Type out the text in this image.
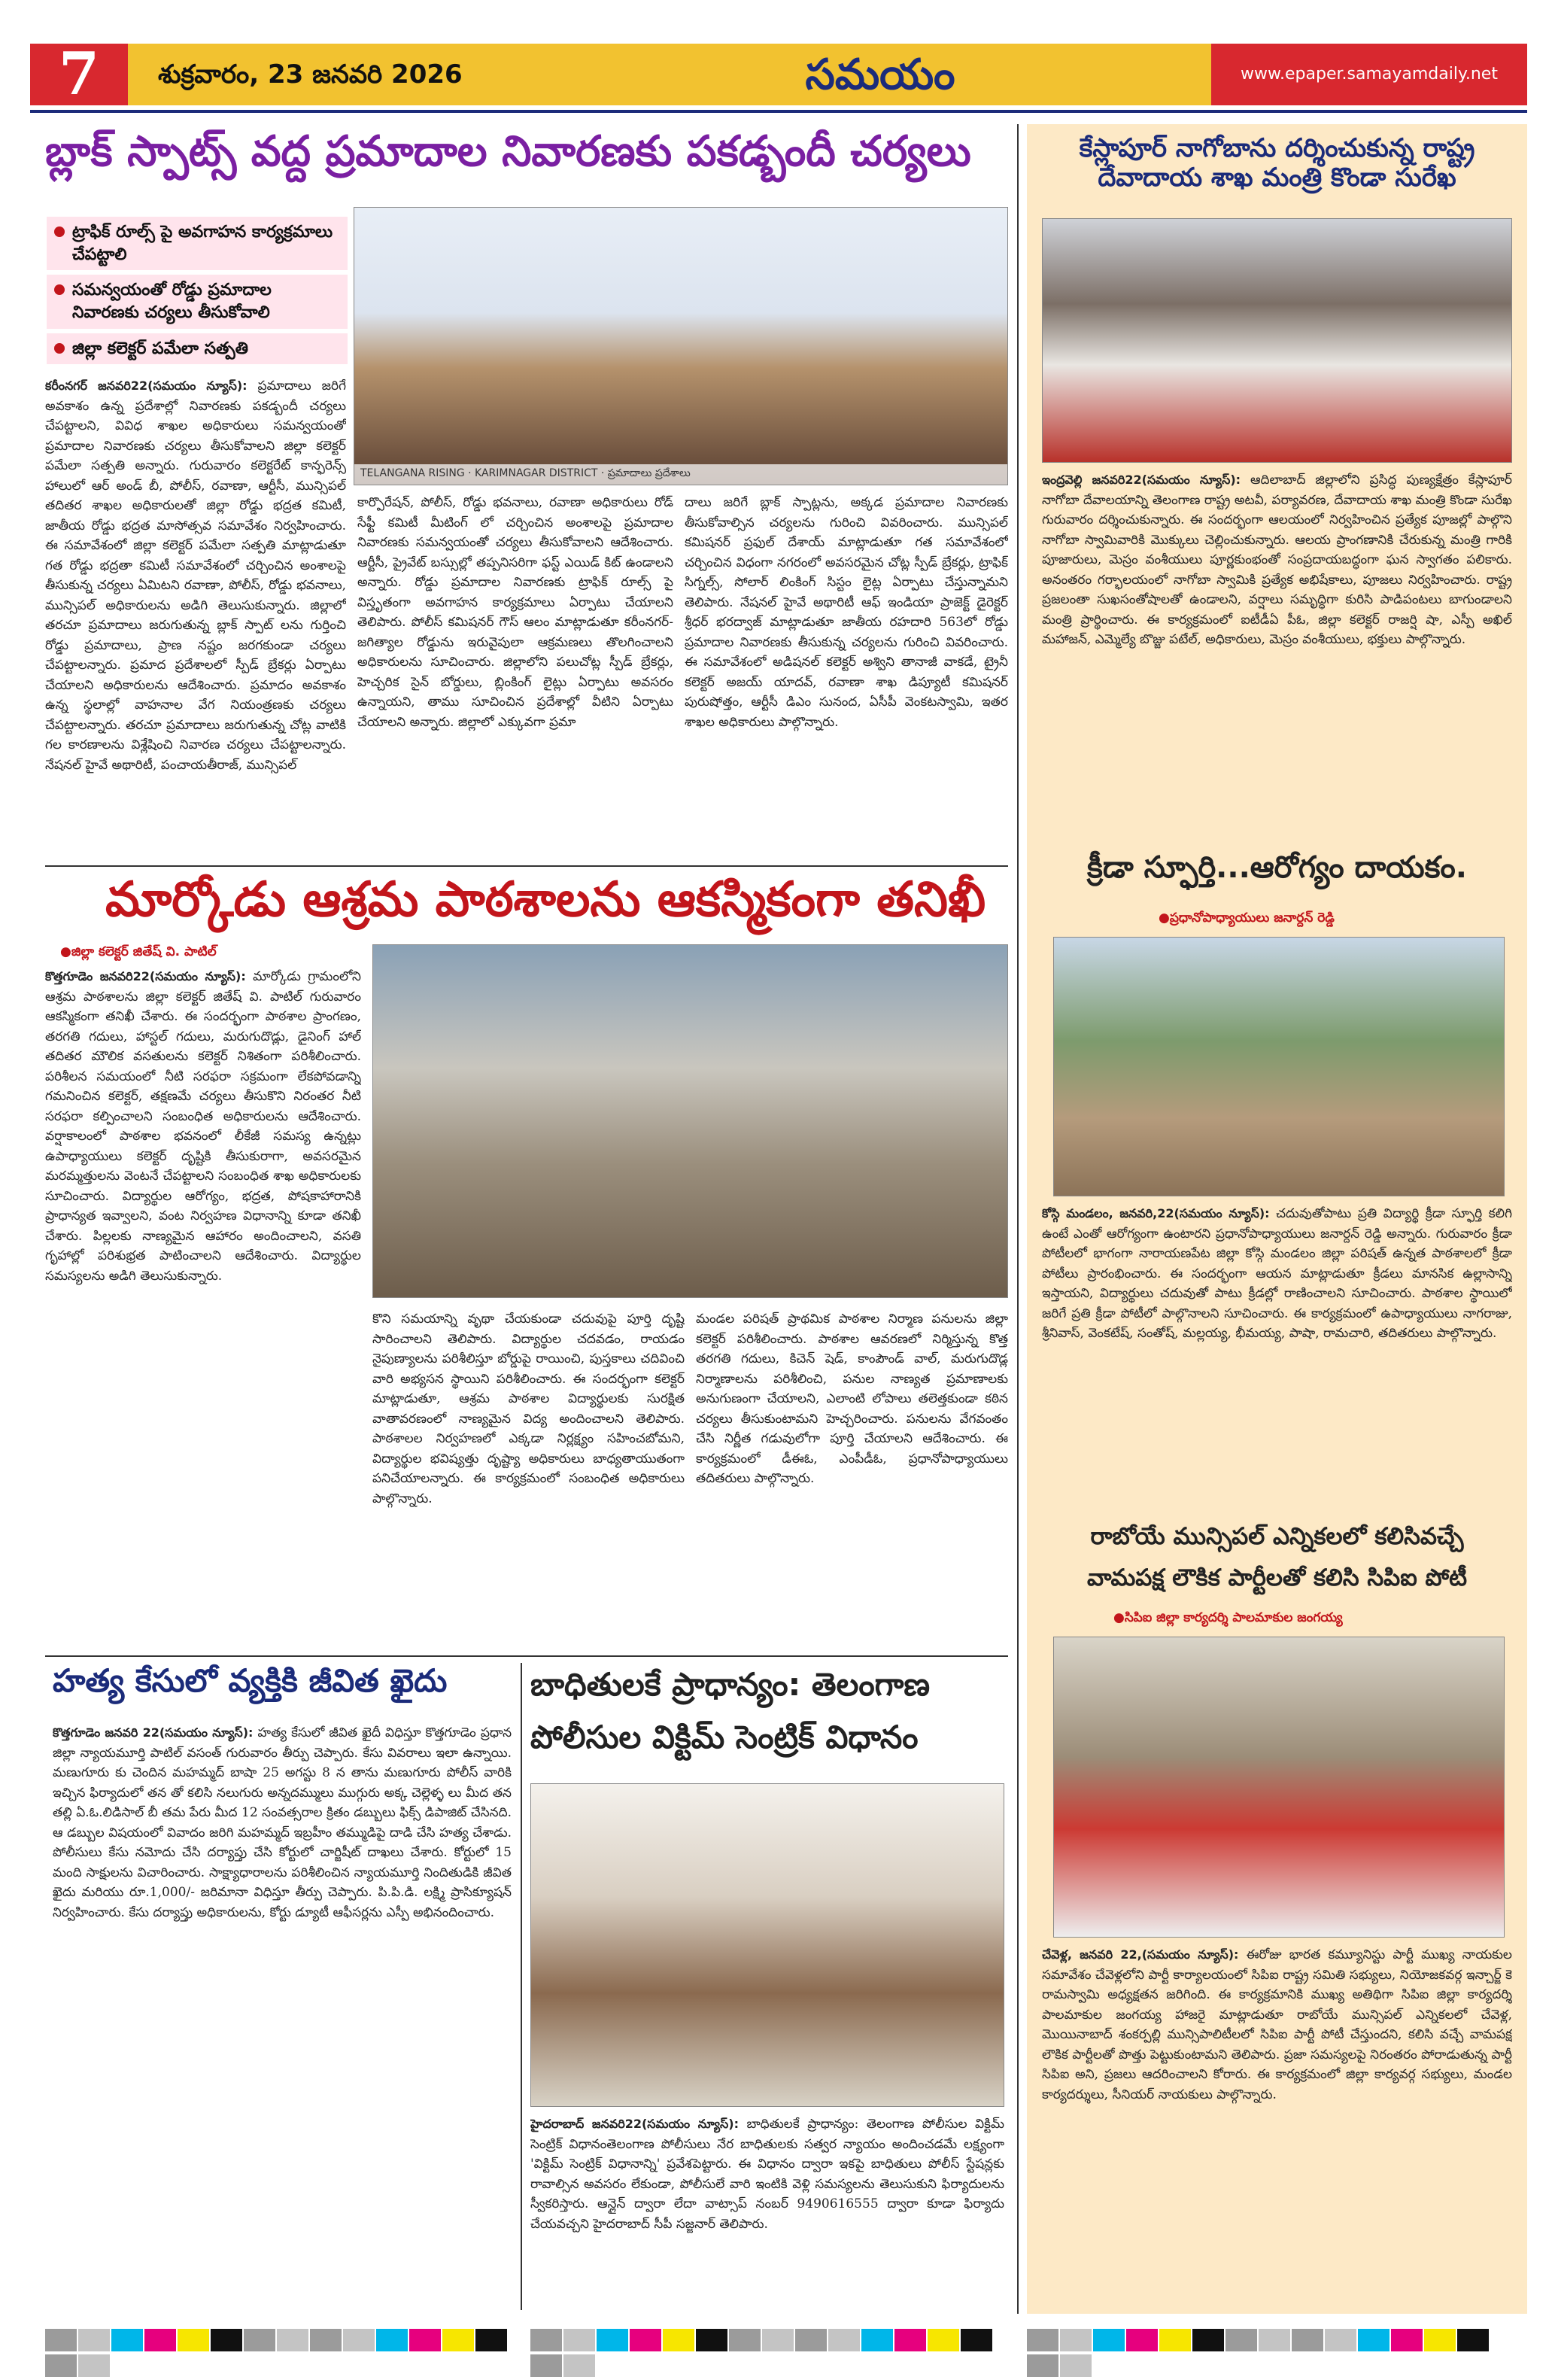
7	శుక్రవారం, 23 జనవరి 2026	సమయం	www.epaper.samayamdaily.net
బ్లాక్ స్పాట్స్ వద్ద ప్రమాదాల నివారణకు పకడ్బందీ చర్యలు
ట్రాఫిక్ రూల్స్ పై అవగాహన కార్యక్రమాలు చేపట్టాలి
సమన్వయంతో రోడ్డు ప్రమాదాల నివారణకు చర్యలు తీసుకోవాలి
జిల్లా కలెక్టర్ పమేలా సత్పతి
TELANGANA RISING · KARIMNAGAR DISTRICT · ప్రమాదాలు ప్రదేశాలు
కరీంనగర్ జనవరి22(సమయం న్యూస్): ప్రమాదాలు జరిగే అవకాశం ఉన్న ప్రదేశాల్లో నివారణకు పకడ్బందీ చర్యలు చేపట్టాలని, వివిధ శాఖల అధికారులు సమన్వయంతో ప్రమాదాల నివారణకు చర్యలు తీసుకోవాలని జిల్లా కలెక్టర్ పమేలా సత్పతి అన్నారు. గురువారం కలెక్టరేట్ కాన్ఫరెన్స్ హాలులో ఆర్ అండ్ బీ, పోలీస్, రవాణా, ఆర్టీసీ, మున్సిపల్ తదితర శాఖల అధికారులతో జిల్లా రోడ్డు భద్రత కమిటీ, జాతీయ రోడ్డు భద్రత మాసోత్సవ సమావేశం నిర్వహించారు. ఈ సమావేశంలో జిల్లా కలెక్టర్ పమేలా సత్పతి మాట్లాడుతూ గత రోడ్డు భద్రతా కమిటీ సమావేశంలో చర్చించిన అంశాలపై తీసుకున్న చర్యలు ఏమిటని రవాణా, పోలీస్, రోడ్డు భవనాలు, మున్సిపల్ అధికారులను అడిగి తెలుసుకున్నారు. జిల్లాలో తరచూ ప్రమాదాలు జరుగుతున్న బ్లాక్ స్పాట్ లను గుర్తించి రోడ్డు ప్రమాదాలు, ప్రాణ నష్టం జరగకుండా చర్యలు చేపట్టాలన్నారు. ప్రమాద ప్రదేశాలలో స్పీడ్ బ్రేకర్లు ఏర్పాటు చేయాలని అధికారులను ఆదేశించారు. ప్రమాదం అవకాశం ఉన్న స్థలాల్లో వాహనాల వేగ నియంత్రణకు చర్యలు చేపట్టాలన్నారు. తరచూ ప్రమాదాలు జరుగుతున్న చోట్ల వాటికి గల కారణాలను విశ్లేషించి నివారణ చర్యలు చేపట్టాలన్నారు. నేషనల్ హైవే అథారిటీ, పంచాయతీరాజ్, మున్సిపల్
కార్పొరేషన్, పోలీస్, రోడ్డు భవనాలు, రవాణా అధికారులు రోడ్ సేఫ్టీ కమిటీ మీటింగ్ లో చర్చించిన అంశాలపై ప్రమాదాల నివారణకు సమన్వయంతో చర్యలు తీసుకోవాలని ఆదేశించారు. ఆర్టీసీ, ప్రైవేట్ బస్సుల్లో తప్పనిసరిగా ఫస్ట్ ఎయిడ్ కిట్ ఉండాలని అన్నారు. రోడ్డు ప్రమాదాల నివారణకు ట్రాఫిక్ రూల్స్ పై విస్తృతంగా అవగాహన కార్యక్రమాలు ఏర్పాటు చేయాలని తెలిపారు. పోలీస్ కమిషనర్ గౌస్ ఆలం మాట్లాడుతూ కరీంనగర్-జగిత్యాల రోడ్డును ఇరువైపులా ఆక్రమణలు తొలగించాలని అధికారులను సూచించారు. జిల్లాలోని పలుచోట్ల స్పీడ్ బ్రేకర్లు, హెచ్చరిక సైన్ బోర్డులు, బ్లింకింగ్ లైట్లు ఏర్పాటు అవసరం ఉన్నాయని, తాము సూచించిన ప్రదేశాల్లో వీటిని ఏర్పాటు చేయాలని అన్నారు. జిల్లాలో ఎక్కువగా ప్రమా
దాలు జరిగే బ్లాక్ స్పాట్లను, అక్కడ ప్రమాదాల నివారణకు తీసుకోవాల్సిన చర్యలను గురించి వివరించారు. మున్సిపల్ కమిషనర్ ప్రఫుల్ దేశాయ్ మాట్లాడుతూ గత సమావేశంలో చర్చించిన విధంగా నగరంలో అవసరమైన చోట్ల స్పీడ్ బ్రేకర్లు, ట్రాఫిక్ సిగ్నల్స్, సోలార్ లింకింగ్ సిస్టం లైట్ల ఏర్పాటు చేస్తున్నామని తెలిపారు. నేషనల్ హైవే అథారిటీ ఆఫ్ ఇండియా ప్రాజెక్ట్ డైరెక్టర్ శ్రీధర్ భరద్వాజ్ మాట్లాడుతూ జాతీయ రహదారి 563లో రోడ్డు ప్రమాదాల నివారణకు తీసుకున్న చర్యలను గురించి వివరించారు. ఈ సమావేశంలో అడిషనల్ కలెక్టర్ అశ్విని తానాజీ వాకడే, ట్రైనీ కలెక్టర్ అజయ్ యాదవ్, రవాణా శాఖ డిప్యూటీ కమిషనర్ పురుషోత్తం, ఆర్టీసీ డిఎం సునంద, ఏసీపీ వెంకటస్వామి, ఇతర శాఖల అధికారులు పాల్గొన్నారు.
మార్కోడు ఆశ్రమ పాఠశాలను ఆకస్మికంగా తనిఖీ
● జిల్లా కలెక్టర్ జితేష్ వి. పాటిల్
కొత్తగూడెం జనవరి22(సమయం న్యూస్): మార్కోడు గ్రామంలోని ఆశ్రమ పాఠశాలను జిల్లా కలెక్టర్ జితేష్ వి. పాటిల్ గురువారం ఆకస్మికంగా తనిఖీ చేశారు. ఈ సందర్భంగా పాఠశాల ప్రాంగణం, తరగతి గదులు, హాస్టల్ గదులు, మరుగుదొడ్లు, డైనింగ్ హాల్ తదితర మౌలిక వసతులను కలెక్టర్ నిశితంగా పరిశీలించారు. పరిశీలన సమయంలో నీటి సరఫరా సక్రమంగా లేకపోవడాన్ని గమనించిన కలెక్టర్, తక్షణమే చర్యలు తీసుకొని నిరంతర నీటి సరఫరా కల్పించాలని సంబంధిత అధికారులను ఆదేశించారు. వర్షాకాలంలో పాఠశాల భవనంలో లీకేజీ సమస్య ఉన్నట్లు ఉపాధ్యాయులు కలెక్టర్ దృష్టికి తీసుకురాగా, అవసరమైన మరమ్మత్తులను వెంటనే చేపట్టాలని సంబంధిత శాఖ అధికారులకు సూచించారు. విద్యార్థుల ఆరోగ్యం, భద్రత, పోషకాహారానికి ప్రాధాన్యత ఇవ్వాలని, వంట నిర్వహణ విధానాన్ని కూడా తనిఖీ చేశారు. పిల్లలకు నాణ్యమైన ఆహారం అందించాలని, వసతి గృహాల్లో పరిశుభ్రత పాటించాలని ఆదేశించారు. విద్యార్థుల సమస్యలను అడిగి తెలుసుకున్నారు.
కొని సమయాన్ని వృథా చేయకుండా చదువుపై పూర్తి దృష్టి సారించాలని తెలిపారు. విద్యార్థుల చదవడం, రాయడం నైపుణ్యాలను పరిశీలిస్తూ బోర్డుపై రాయించి, పుస్తకాలు చదివించి వారి అభ్యసన స్థాయిని పరిశీలించారు. ఈ సందర్భంగా కలెక్టర్ మాట్లాడుతూ, ఆశ్రమ పాఠశాల విద్యార్థులకు సురక్షిత వాతావరణంలో నాణ్యమైన విద్య అందించాలని తెలిపారు. పాఠశాలల నిర్వహణలో ఎక్కడా నిర్లక్ష్యం సహించబోమని, విద్యార్థుల భవిష్యత్తు దృష్ట్యా అధికారులు బాధ్యతాయుతంగా పనిచేయాలన్నారు. ఈ కార్యక్రమంలో సంబంధిత అధికారులు పాల్గొన్నారు.
మండల పరిషత్ ప్రాథమిక పాఠశాల నిర్మాణ పనులను జిల్లా కలెక్టర్ పరిశీలించారు. పాఠశాల ఆవరణలో నిర్మిస్తున్న కొత్త తరగతి గదులు, కిచెన్ షెడ్, కాంపౌండ్ వాల్, మరుగుదొడ్ల నిర్మాణాలను పరిశీలించి, పనుల నాణ్యత ప్రమాణాలకు అనుగుణంగా చేయాలని, ఎలాంటి లోపాలు తలెత్తకుండా కఠిన చర్యలు తీసుకుంటామని హెచ్చరించారు. పనులను వేగవంతం చేసి నిర్ణీత గడువులోగా పూర్తి చేయాలని ఆదేశించారు. ఈ కార్యక్రమంలో డీఈఓ, ఎంపీడీఓ, ప్రధానోపాధ్యాయులు తదితరులు పాల్గొన్నారు.
హత్య కేసులో వ్యక్తికి జీవిత ఖైదు
కొత్తగూడెం జనవరి 22(సమయం న్యూస్): హత్య కేసులో జీవిత ఖైదీ విధిస్తూ కొత్తగూడెం ప్రధాన జిల్లా న్యాయమూర్తి పాటిల్ వసంత్ గురువారం తీర్పు చెప్పారు. కేసు వివరాలు ఇలా ఉన్నాయి. మణుగూరు కు చెందిన మహమ్మద్ బాషా 25 అగస్టు 8 న తాను మణుగూరు పోలీస్ వారికి ఇచ్చిన ఫిర్యాదులో తన తో కలిసి నలుగురు అన్నదమ్ములు ముగ్గురు అక్క చెల్లెళ్ళ లు మీద తన తల్లి ఏ.ఓ.లిడిసాల్ బీ తమ పేరు మీద 12 సంవత్సరాల క్రితం డబ్బులు ఫిక్స్ డిపాజిట్ చేసినది. ఆ డబ్బుల విషయంలో వివాదం జరిగి మహమ్మద్ ఇబ్రహీం తమ్ముడిపై దాడి చేసి హత్య చేశాడు. పోలీసులు కేసు నమోదు చేసి దర్యాప్తు చేసి కోర్టులో చార్జిషీట్ దాఖలు చేశారు. కోర్టులో 15 మంది సాక్షులను విచారించారు. సాక్ష్యాధారాలను పరిశీలించిన న్యాయమూర్తి నిందితుడికి జీవిత ఖైదు మరియు రూ.1,000/- జరిమానా విధిస్తూ తీర్పు చెప్పారు. పి.పి.డి. లక్ష్మి ప్రాసిక్యూషన్ నిర్వహించారు. కేసు దర్యాప్తు అధికారులను, కోర్టు డ్యూటీ ఆఫీసర్లను ఎస్పీ అభినందించారు.
బాధితులకే ప్రాధాన్యం: తెలంగాణ
పోలీసుల విక్టిమ్ సెంట్రిక్ విధానం
హైదరాబాద్ జనవరి22(సమయం న్యూస్): బాధితులకే ప్రాధాన్యం: తెలంగాణ పోలీసుల విక్టిమ్ సెంట్రిక్ విధానంతెలంగాణ పోలీసులు నేర బాధితులకు సత్వర న్యాయం అందించడమే లక్ష్యంగా 'విక్టిమ్ సెంట్రిక్ విధానాన్ని' ప్రవేశపెట్టారు. ఈ విధానం ద్వారా ఇకపై బాధితులు పోలీస్ స్టేషన్లకు రావాల్సిన అవసరం లేకుండా, పోలీసులే వారి ఇంటికి వెళ్లి సమస్యలను తెలుసుకుని ఫిర్యాదులను స్వీకరిస్తారు. ఆన్లైన్ ద్వారా లేదా వాట్సాప్ నంబర్ 9490616555 ద్వారా కూడా ఫిర్యాదు చేయవచ్చని హైదరాబాద్ సీపీ సజ్జనార్ తెలిపారు.
కేస్లాపూర్ నాగోబాను దర్శించుకున్న రాష్ట్ర దేవాదాయ శాఖ మంత్రి కొండా సురేఖ
ఇంద్రవెల్లి జనవరి22(సమయం న్యూస్): ఆదిలాబాద్ జిల్లాలోని ప్రసిద్ధ పుణ్యక్షేత్రం కేస్లాపూర్ నాగోబా దేవాలయాన్ని తెలంగాణ రాష్ట్ర అటవీ, పర్యావరణ, దేవాదాయ శాఖ మంత్రి కొండా సురేఖ గురువారం దర్శించుకున్నారు. ఈ సందర్భంగా ఆలయంలో నిర్వహించిన ప్రత్యేక పూజల్లో పాల్గొని నాగోబా స్వామివారికి మొక్కులు చెల్లించుకున్నారు. ఆలయ ప్రాంగణానికి చేరుకున్న మంత్రి గారికి పూజారులు, మెస్రం వంశీయులు పూర్ణకుంభంతో సంప్రదాయబద్ధంగా ఘన స్వాగతం పలికారు. అనంతరం గర్భాలయంలో నాగోబా స్వామికి ప్రత్యేక అభిషేకాలు, పూజలు నిర్వహించారు. రాష్ట్ర ప్రజలంతా సుఖసంతోషాలతో ఉండాలని, వర్షాలు సమృద్ధిగా కురిసి పాడిపంటలు బాగుండాలని మంత్రి ప్రార్థించారు. ఈ కార్యక్రమంలో ఐటీడీఏ పీఓ, జిల్లా కలెక్టర్ రాజర్షి షా, ఎస్పీ అఖిల్ మహాజన్, ఎమ్మెల్యే బొజ్జు పటేల్, అధికారులు, మెస్రం వంశీయులు, భక్తులు పాల్గొన్నారు.
క్రీడా స్ఫూర్తి...ఆరోగ్యం దాయకం.
● ప్రధానోపాధ్యాయులు జనార్దన్ రెడ్డి
కోస్గి మండలం, జనవరి,22(సమయం న్యూస్): చదువుతోపాటు ప్రతి విద్యార్థి క్రీడా స్ఫూర్తి కలిగి ఉంటే ఎంతో ఆరోగ్యంగా ఉంటారని ప్రధానోపాధ్యాయులు జనార్దన్ రెడ్డి అన్నారు. గురువారం క్రీడా పోటీలలో భాగంగా నారాయణపేట జిల్లా కోస్గి మండలం జిల్లా పరిషత్ ఉన్నత పాఠశాలలో క్రీడా పోటీలు ప్రారంభించారు. ఈ సందర్భంగా ఆయన మాట్లాడుతూ క్రీడలు మానసిక ఉల్లాసాన్ని ఇస్తాయని, విద్యార్థులు చదువుతో పాటు క్రీడల్లో రాణించాలని సూచించారు. పాఠశాల స్థాయిలో జరిగే ప్రతి క్రీడా పోటీలో పాల్గొనాలని సూచించారు. ఈ కార్యక్రమంలో ఉపాధ్యాయులు నాగరాజు, శ్రీనివాస్, వెంకటేష్, సంతోష్, మల్లయ్య, భీమయ్య, పాషా, రామచారి, తదితరులు పాల్గొన్నారు.
రాబోయే మున్సిపల్ ఎన్నికలలో కలిసివచ్చే
వామపక్ష లౌకిక పార్టీలతో కలిసి సిపిఐ పోటీ
● సిపిఐ జిల్లా కార్యదర్శి పాలమాకుల జంగయ్య
చేవెళ్ల, జనవరి 22,(సమయం న్యూస్): ఈరోజు భారత కమ్యూనిస్టు పార్టీ ముఖ్య నాయకుల సమావేశం చేవెళ్లలోని పార్టీ కార్యాలయంలో సిపిఐ రాష్ట్ర సమితి సభ్యులు, నియోజకవర్గ ఇన్చార్జ్ కె రామస్వామి అధ్యక్షతన జరిగింది. ఈ కార్యక్రమానికి ముఖ్య అతిథిగా సిపిఐ జిల్లా కార్యదర్శి పాలమాకుల జంగయ్య హాజరై మాట్లాడుతూ రాబోయే మున్సిపల్ ఎన్నికలలో చేవెళ్ల, మొయినాబాద్ శంకర్పల్లి మున్సిపాలిటీలలో సిపిఐ పార్టీ పోటీ చేస్తుందని, కలిసి వచ్చే వామపక్ష లౌకిక పార్టీలతో పొత్తు పెట్టుకుంటామని తెలిపారు. ప్రజా సమస్యలపై నిరంతరం పోరాడుతున్న పార్టీ సిపిఐ అని, ప్రజలు ఆదరించాలని కోరారు. ఈ కార్యక్రమంలో జిల్లా కార్యవర్గ సభ్యులు, మండల కార్యదర్శులు, సీనియర్ నాయకులు పాల్గొన్నారు.
